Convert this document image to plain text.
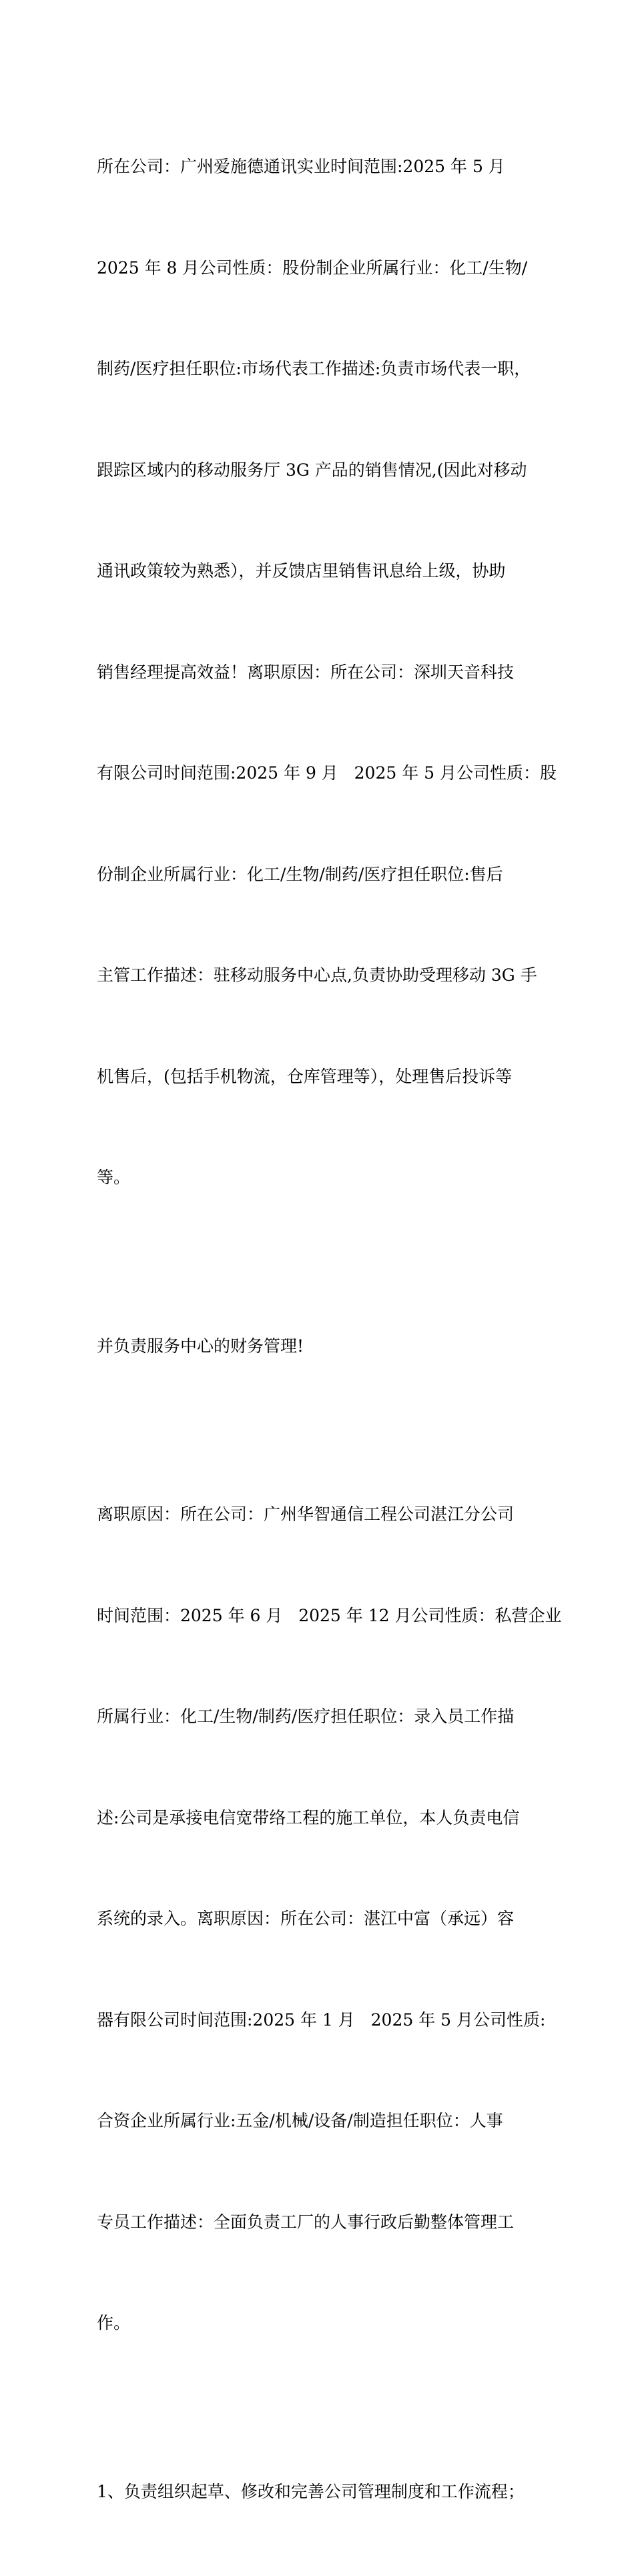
所在公司：广州爱施德通讯实业时间范围:2025 年 5 月

2025 年 8 月公司性质：股份制企业所属行业：化工/生物/

制药/医疗担任职位:市场代表工作描述:负责市场代表一职，

跟踪区域内的移动服务厅 3G 产品的销售情况,(因此对移动

通讯政策较为熟悉），并反馈店里销售讯息给上级，协助

销售经理提高效益！离职原因：所在公司：深圳天音科技

有限公司时间范围:2025 年 9 月   2025 年 5 月公司性质：股

份制企业所属行业：化工/生物/制药/医疗担任职位:售后

主管工作描述：驻移动服务中心点,负责协助受理移动 3G 手

机售后，(包括手机物流，仓库管理等），处理售后投诉等

等。

并负责服务中心的财务管理!

离职原因：所在公司：广州华智通信工程公司湛江分公司

时间范围：2025 年 6 月   2025 年 12 月公司性质：私营企业

所属行业：化工/生物/制药/医疗担任职位：录入员工作描

述:公司是承接电信宽带络工程的施工单位，本人负责电信

系统的录入。离职原因：所在公司：湛江中富（承远）容

器有限公司时间范围:2025 年 1 月   2025 年 5 月公司性质:

合资企业所属行业:五金/机械/设备/制造担任职位：人事

专员工作描述：全面负责工厂的人事行政后勤整体管理工

作。

1、负责组织起草、修改和完善公司管理制度和工作流程；
